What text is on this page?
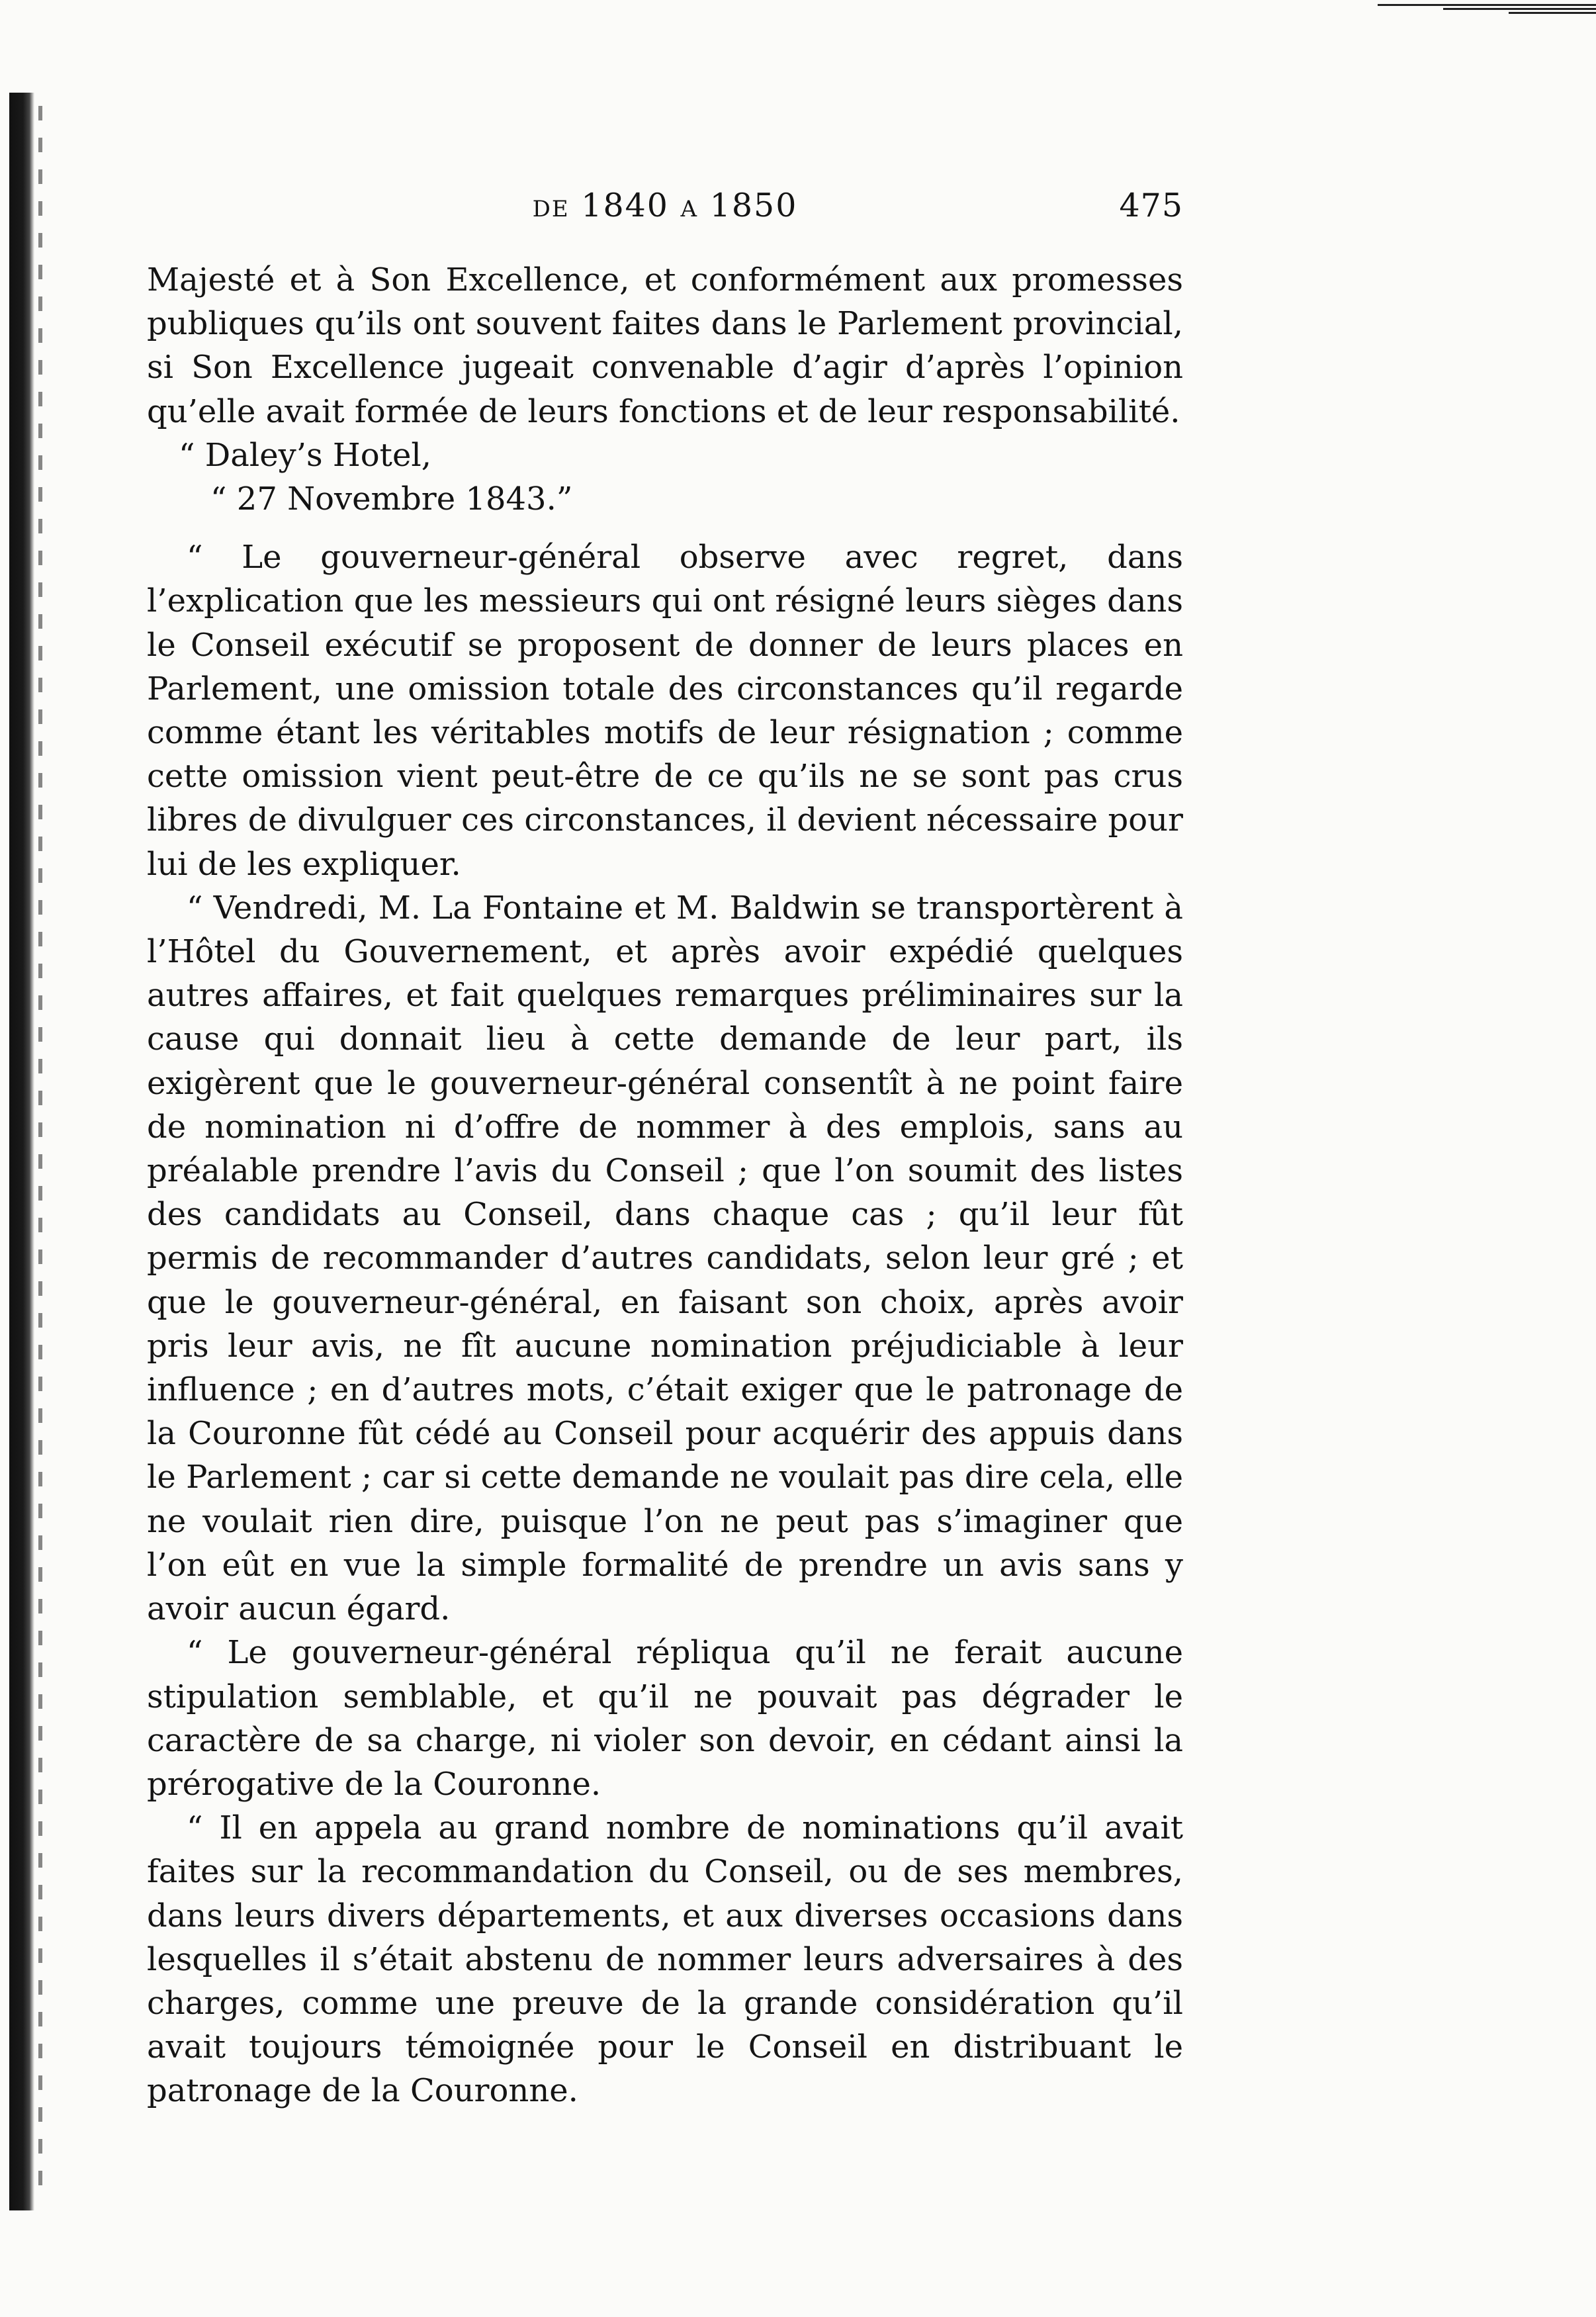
de 1840 a 1850	475

Majesté et à Son Excellence, et conformément aux promesses publiques qu’ils ont souvent faites dans le Parlement provincial, si Son Excellence jugeait convenable d’agir d’après l’opinion qu’elle avait formée de leurs fonctions et de leur responsabilité.

“ Daley’s Hotel,

“ 27 Novembre 1843.”

“ Le gouverneur-général observe avec regret, dans l’explication que les messieurs qui ont résigné leurs sièges dans le Conseil exécutif se proposent de donner de leurs places en Parlement, une omission totale des circonstances qu’il regarde comme étant les véritables motifs de leur résignation ; comme cette omission vient peut-être de ce qu’ils ne se sont pas crus libres de divulguer ces circonstances, il devient nécessaire pour lui de les expliquer.

“ Vendredi, M. La Fontaine et M. Baldwin se transportèrent à l’Hôtel du Gouvernement, et après avoir expédié quelques autres affaires, et fait quelques remarques préliminaires sur la cause qui donnait lieu à cette demande de leur part, ils exigèrent que le gouverneur-général consentît à ne point faire de nomination ni d’offre de nommer à des emplois, sans au préalable prendre l’avis du Conseil ; que l’on soumit des listes des candidats au Conseil, dans chaque cas ; qu’il leur fût permis de recommander d’autres candidats, selon leur gré ; et que le gouverneur-général, en faisant son choix, après avoir pris leur avis, ne fît aucune nomination préjudiciable à leur influence ; en d’autres mots, c’était exiger que le patronage de la Couronne fût cédé au Conseil pour acquérir des appuis dans le Parlement ; car si cette demande ne voulait pas dire cela, elle ne voulait rien dire, puisque l’on ne peut pas s’imaginer que l’on eût en vue la simple formalité de prendre un avis sans y avoir aucun égard.

“ Le gouverneur-général répliqua qu’il ne ferait aucune stipulation semblable, et qu’il ne pouvait pas dégrader le caractère de sa charge, ni violer son devoir, en cédant ainsi la prérogative de la Couronne.

“ Il en appela au grand nombre de nominations qu’il avait faites sur la recommandation du Conseil, ou de ses membres, dans leurs divers départements, et aux diverses occasions dans lesquelles il s’était abstenu de nommer leurs adversaires à des charges, comme une preuve de la grande considération qu’il avait toujours témoignée pour le Conseil en distribuant le patronage de la Couronne.
